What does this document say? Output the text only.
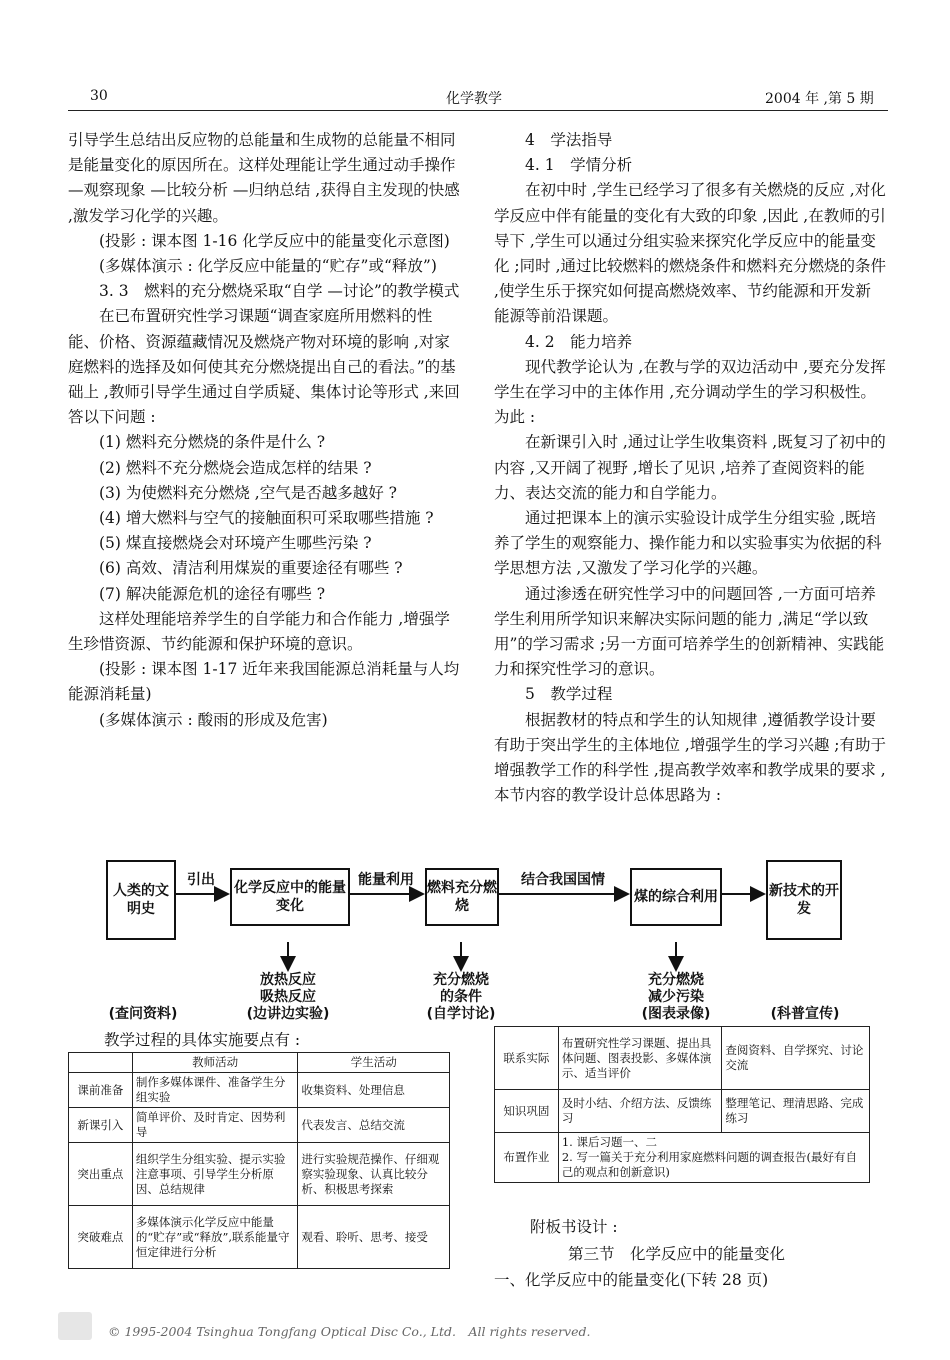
30	化学教学	2004 年 ,第 5 期

引导学生总结出反应物的总能量和生成物的总能量不相同是能量变化的原因所在。这样处理能让学生通过动手操作 —观察现象 —比较分析 —归纳总结 ,获得自主发现的快感 ,激发学习化学的兴趣。

(投影 : 课本图 1-16 化学反应中的能量变化示意图)

(多媒体演示 : 化学反应中能量的“贮存”或“释放”)

3. 3　燃料的充分燃烧采取“自学 —讨论”的教学模式

在已布置研究性学习课题“调查家庭所用燃料的性能、价格、资源蕴藏情况及燃烧产物对环境的影响 ,对家庭燃料的选择及如何使其充分燃烧提出自己的看法。”的基础上 ,教师引导学生通过自学质疑、集体讨论等形式 ,来回答以下问题 :

(1) 燃料充分燃烧的条件是什么 ?

(2) 燃料不充分燃烧会造成怎样的结果 ?

(3) 为使燃料充分燃烧 ,空气是否越多越好 ?

(4) 增大燃料与空气的接触面积可采取哪些措施 ?

(5) 煤直接燃烧会对环境产生哪些污染 ?

(6) 高效、清洁利用煤炭的重要途径有哪些 ?

(7) 解决能源危机的途径有哪些 ?

这样处理能培养学生的自学能力和合作能力 ,增强学生珍惜资源、节约能源和保护环境的意识。

(投影 : 课本图 1-17 近年来我国能源总消耗量与人均能源消耗量)

(多媒体演示 : 酸雨的形成及危害)

4　学法指导

4. 1　学情分析

在初中时 ,学生已经学习了很多有关燃烧的反应 ,对化学反应中伴有能量的变化有大致的印象 ,因此 ,在教师的引导下 ,学生可以通过分组实验来探究化学反应中的能量变化 ;同时 ,通过比较燃料的燃烧条件和燃料充分燃烧的条件 ,使学生乐于探究如何提高燃烧效率、节约能源和开发新能源等前沿课题。

4. 2　能力培养

现代教学论认为 ,在教与学的双边活动中 ,要充分发挥学生在学习中的主体作用 ,充分调动学生的学习积极性。为此 :

在新课引入时 ,通过让学生收集资料 ,既复习了初中的内容 ,又开阔了视野 ,增长了见识 ,培养了查阅资料的能力、表达交流的能力和自学能力。

通过把课本上的演示实验设计成学生分组实验 ,既培养了学生的观察能力、操作能力和以实验事实为依据的科学思想方法 ,又激发了学习化学的兴趣。

通过渗透在研究性学习中的问题回答 ,一方面可培养学生利用所学知识来解决实际问题的能力 ,满足“学以致用”的学习需求 ;另一方面可培养学生的创新精神、实践能力和探究性学习的意识。

5　教学过程

根据教材的特点和学生的认知规律 ,遵循教学设计要有助于突出学生的主体地位 ,增强学生的学习兴趣 ;有助于增强教学工作的科学性 ,提高教学效率和教学成果的要求 ,本节内容的教学设计总体思路为 :

人类的文明史
化学反应中的能量变化
燃料充分燃烧
煤的综合利用	新技术的开发
引出	能量利用	结合我国国情
放热反应
吸热反应
(边讲边实验)
充分燃烧
的条件
(自学讨论)
充分燃烧
减少污染
(图表录像)
(查问资料)	(科普宣传)
教学过程的具体实施要点有 :
	教师活动	学生活动
课前准备	制作多媒体课件、准备学生分组实验	收集资料、处理信息
新课引入	简单评价、及时肯定、因势利导	代表发言、总结交流
突出重点	组织学生分组实验、提示实验注意事项、引导学生分析原因、总结规律	进行实验规范操作、仔细观察实验现象、认真比较分析、积极思考探索
突破难点	多媒体演示化学反应中能量的“贮存”或“释放”,联系能量守恒定律进行分析	观看、聆听、思考、接受
联系实际	布置研究性学习课题、提出具体问题、图表投影、多媒体演示、适当评价	查阅资料、自学探究、讨论交流
知识巩固	及时小结、介绍方法、反馈练习	整理笔记、理清思路、完成练习
布置作业	1. 课后习题一、二
2. 写一篇关于充分利用家庭燃料问题的调查报告(最好有自己的观点和创新意识)	
附板书设计 :
第三节　化学反应中的能量变化
一、化学反应中的能量变化(下转 28 页)
© 1995-2004 Tsinghua Tongfang Optical Disc Co., Ltd.　All rights reserved.
